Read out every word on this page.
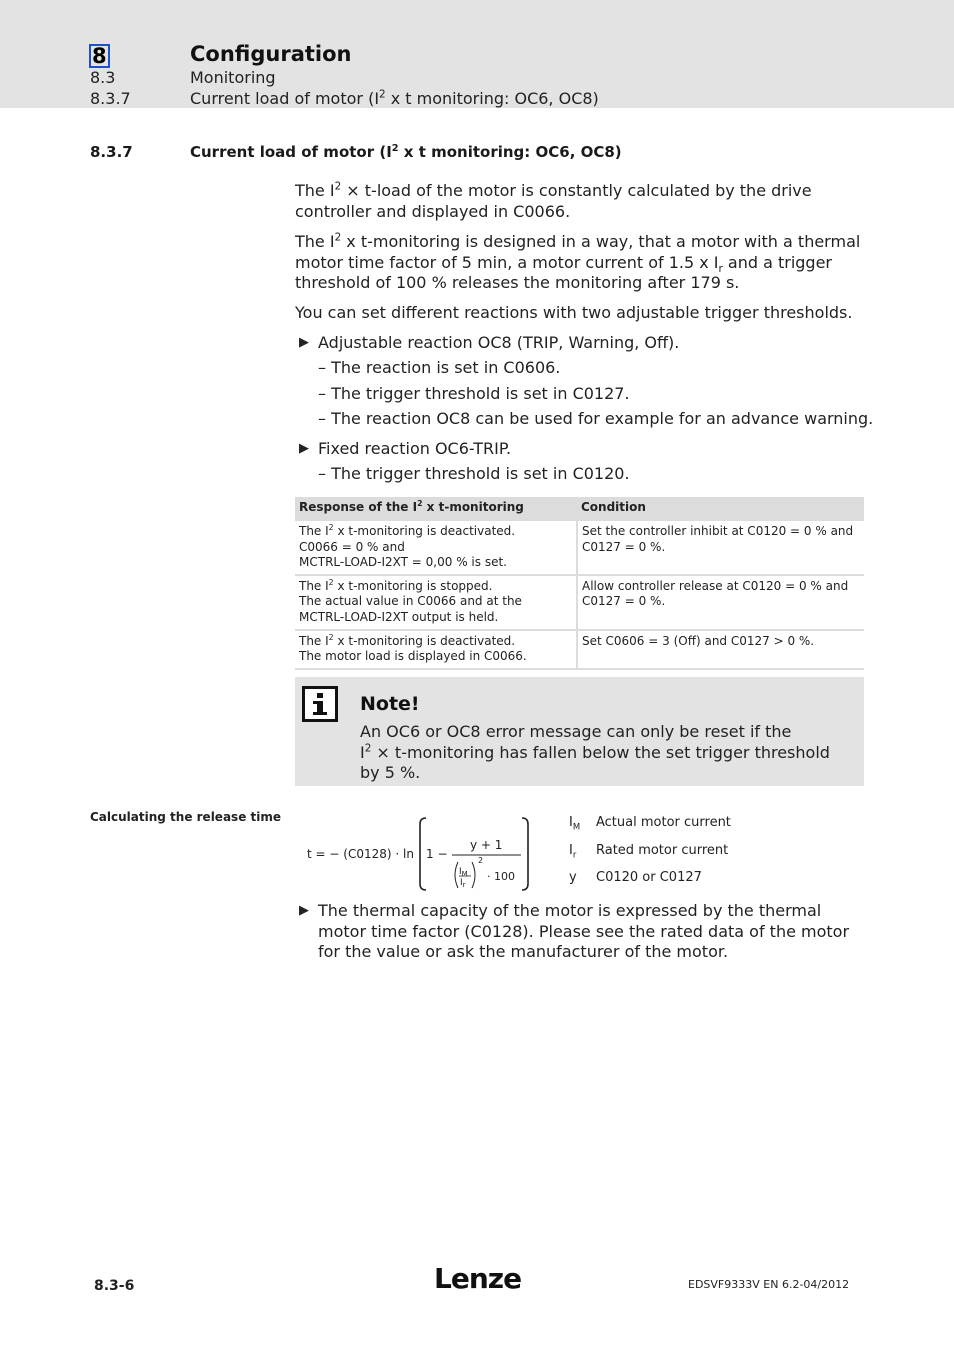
8	Configuration
8.3	Monitoring
8.3.7	Current load of motor ($I^2$ x t monitoring: OC6, OC8)
8.3.7	Current load of motor ($I^2$ x t monitoring: OC6, OC8)
The $I^2$ × t-load of the motor is constantly calculated by the drive controller and displayed in C0066.
The $I^2$ x t-monitoring is designed in a way, that a motor with a thermal motor time factor of 5 min, a motor current of 1.5 x $I_r$ and a trigger threshold of 100 % releases the monitoring after 179 s.
You can set different reactions with two adjustable trigger thresholds.
▶ Adjustable reaction OC8 (TRIP, Warning, Off).
– The reaction is set in C0606.
– The trigger threshold is set in C0127.
– The reaction OC8 can be used for example for an advance warning.
▶ Fixed reaction OC6-TRIP.
– The trigger threshold is set in C0120.
Response of the $I^2$ x t-monitoring	Condition
The $I^2$ x t-monitoring is deactivated.
C0066 = 0 % and
MCTRL-LOAD-I2XT = 0,00 % is set.	Set the controller inhibit at C0120 = 0 % and C0127 = 0 %.
The $I^2$ x t-monitoring is stopped.
The actual value in C0066 and at the
MCTRL-LOAD-I2XT output is held.	Allow controller release at C0120 = 0 % and C0127 = 0 %.
The $I^2$ x t-monitoring is deactivated.
The motor load is displayed in C0066.	Set C0606 = 3 (Off) and C0127 > 0 %.
Note!
An OC6 or OC8 error message can only be reset if the
$I^2$ × t-monitoring has fallen below the set trigger threshold by 5 %.
Calculating the release time
t = − (C0128) · ln 1 −
y + 1
$I_M$
$I_r$
2
· 100
$I_M$ Actual motor current
$I_r$ Rated motor current
y C0120 or C0127
▶ The thermal capacity of the motor is expressed by the thermal motor time factor (C0128). Please see the rated data of the motor for the value or ask the manufacturer of the motor.
8.3-6	Lenze	EDSVF9333V EN 6.2-04/2012
